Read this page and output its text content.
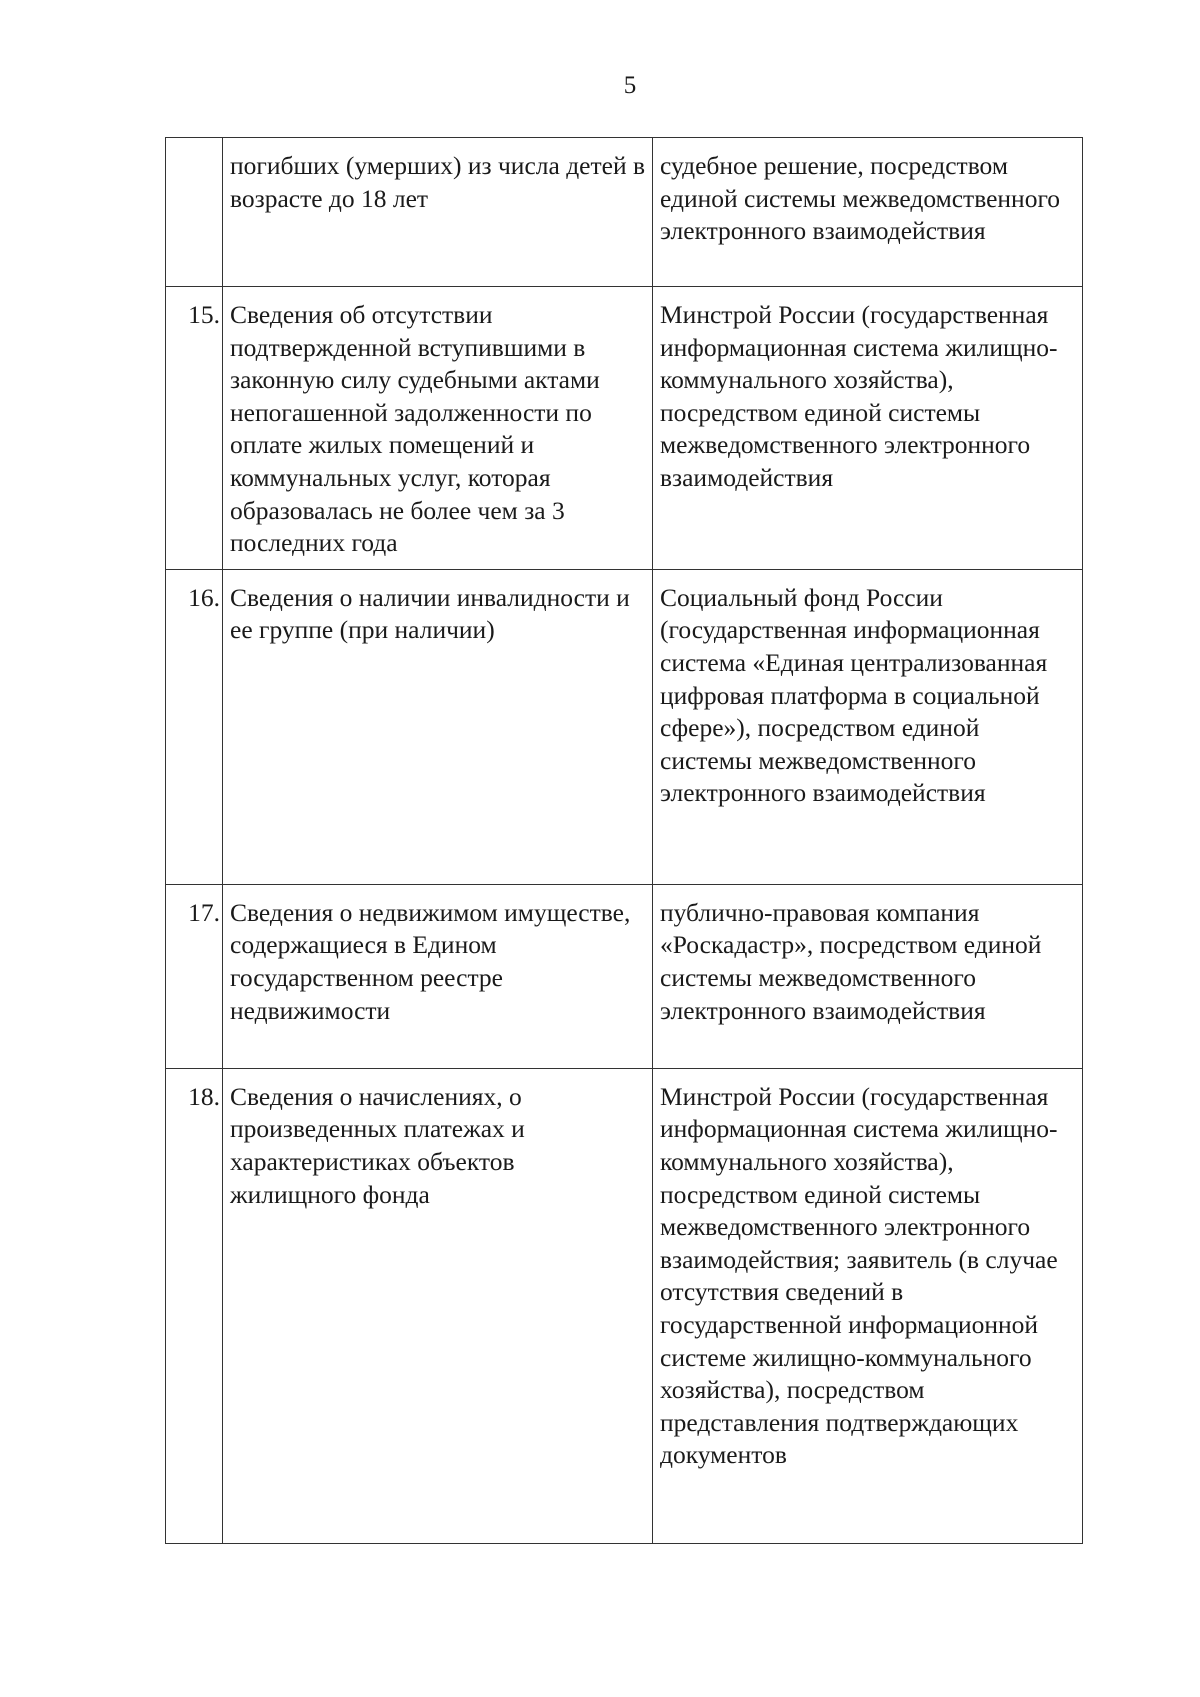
5

	погибших (умерших) из числа детей в возрасте до 18 лет	судебное решение, посредством единой системы межведомственного электронного взаимодействия

15.	Сведения об отсутствии подтвержденной вступившими в законную силу судебными актами непогашенной задолженности по оплате жилых помещений и коммунальных услуг, которая образовалась не более чем за 3 последних года	Минстрой России (государственная информационная система жилищно-коммунального хозяйства), посредством единой системы межведомственного электронного взаимодействия

16.	Сведения о наличии инвалидности и ее группе (при наличии)	Социальный фонд России (государственная информационная система «Единая централизованная цифровая платформа в социальной сфере»), посредством единой системы межведомственного электронного взаимодействия

17.	Сведения о недвижимом имуществе, содержащиеся в Едином государственном реестре недвижимости	публично-правовая компания «Роскадастр», посредством единой системы межведомственного электронного взаимодействия

18.	Сведения о начислениях, о произведенных платежах и характеристиках объектов жилищного фонда	Минстрой России (государственная информационная система жилищно-коммунального хозяйства), посредством единой системы межведомственного электронного взаимодействия; заявитель (в случае отсутствия сведений в государственной информационной системе жилищно-коммунального хозяйства), посредством представления подтверждающих документов
